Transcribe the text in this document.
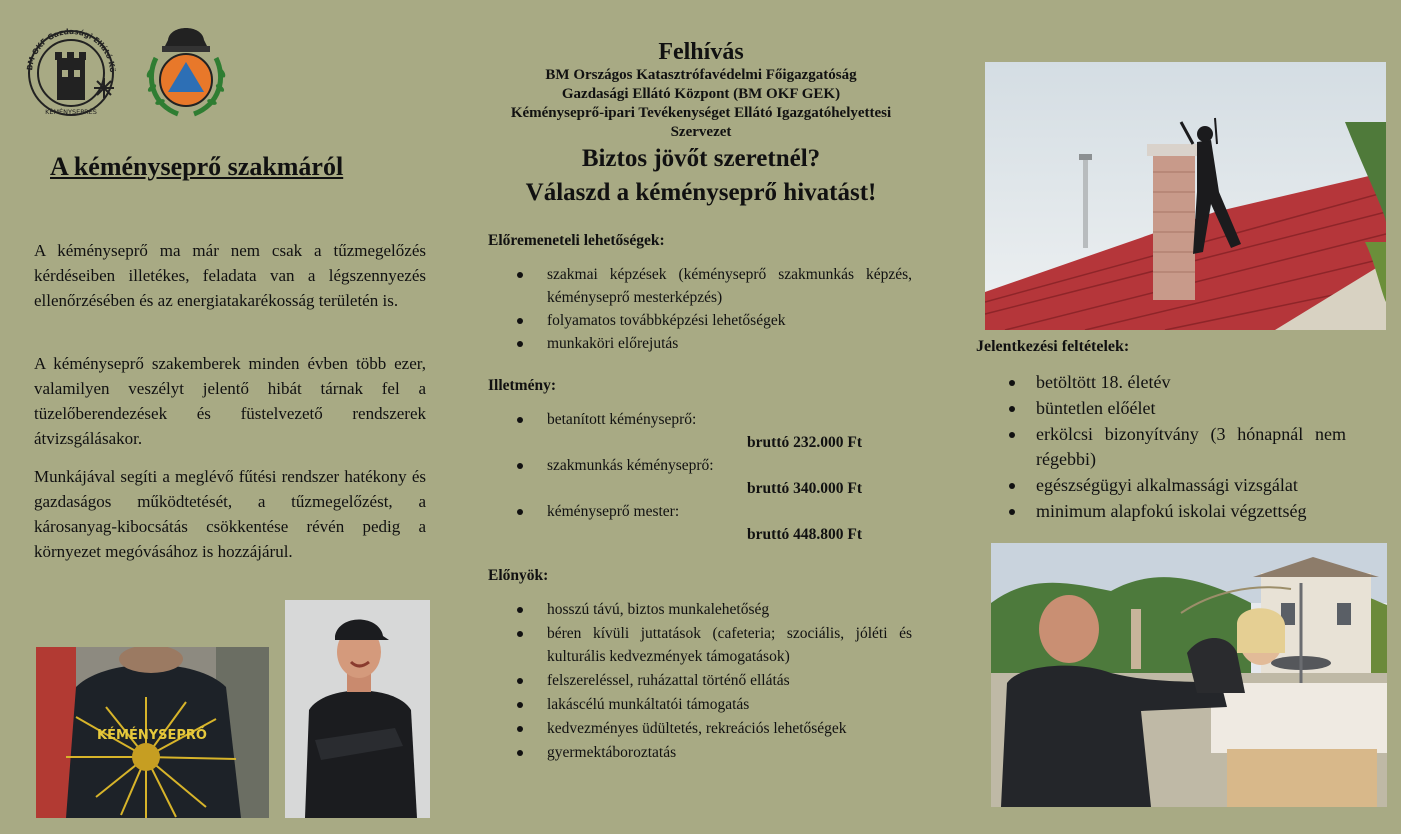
BM OKF Gazdasági Ellátó Kö
KÉMÉNYSEPRÉS
A kéményseprő szakmáról

A kéményseprő ma már nem csak a tűzmegelőzés kérdéseiben illetékes, feladata van a légszennyezés ellenőrzésében és az energiatakarékosság területén is.

A kéményseprő szakemberek minden évben több ezer, valamilyen veszélyt jelentő hibát tárnak fel a tüzelőberendezések és füstelvezető rendszerek átvizsgálásakor.

Munkájával segíti a meglévő fűtési rendszer hatékony és gazdaságos működtetését, a tűzmegelőzést, a károsanyag-kibocsátás csökkentése révén pedig a környezet megóvásához is hozzájárul.

KÉMÉNYSEPRŐ
Felhívás
BM Országos Katasztrófavédelmi Főigazgatóság
Gazdasági Ellátó Központ (BM OKF GEK)
Kéményseprő-ipari Tevékenységet Ellátó Igazgatóhelyettesi Szervezet
Biztos jövőt szeretnél?
Válaszd a kéményseprő hivatást!
Előremeneteli lehetőségek:
szakmai képzések (kéményseprő szakmunkás képzés, kéményseprő mesterképzés)
folyamatos továbbképzési lehetőségek
munkaköri előrejutás
Illetmény:
betanított kéményseprő:
bruttó 232.000 Ft
szakmunkás kéményseprő:
bruttó 340.000 Ft
kéményseprő mester:
bruttó 448.800 Ft
Előnyök:
hosszú távú, biztos munkalehetőség
béren kívüli juttatások (cafeteria; szociális, jóléti és kulturális kedvezmények támogatások)
felszereléssel, ruházattal történő ellátás
lakáscélú munkáltatói támogatás
kedvezményes üdültetés, rekreációs lehetőségek
gyermektáboroztatás
Jelentkezési feltételek:
betöltött 18. életév
büntetlen előélet
erkölcsi bizonyítvány (3 hónapnál nem régebbi)
egészségügyi alkalmassági vizsgálat
minimum alapfokú iskolai végzettség
